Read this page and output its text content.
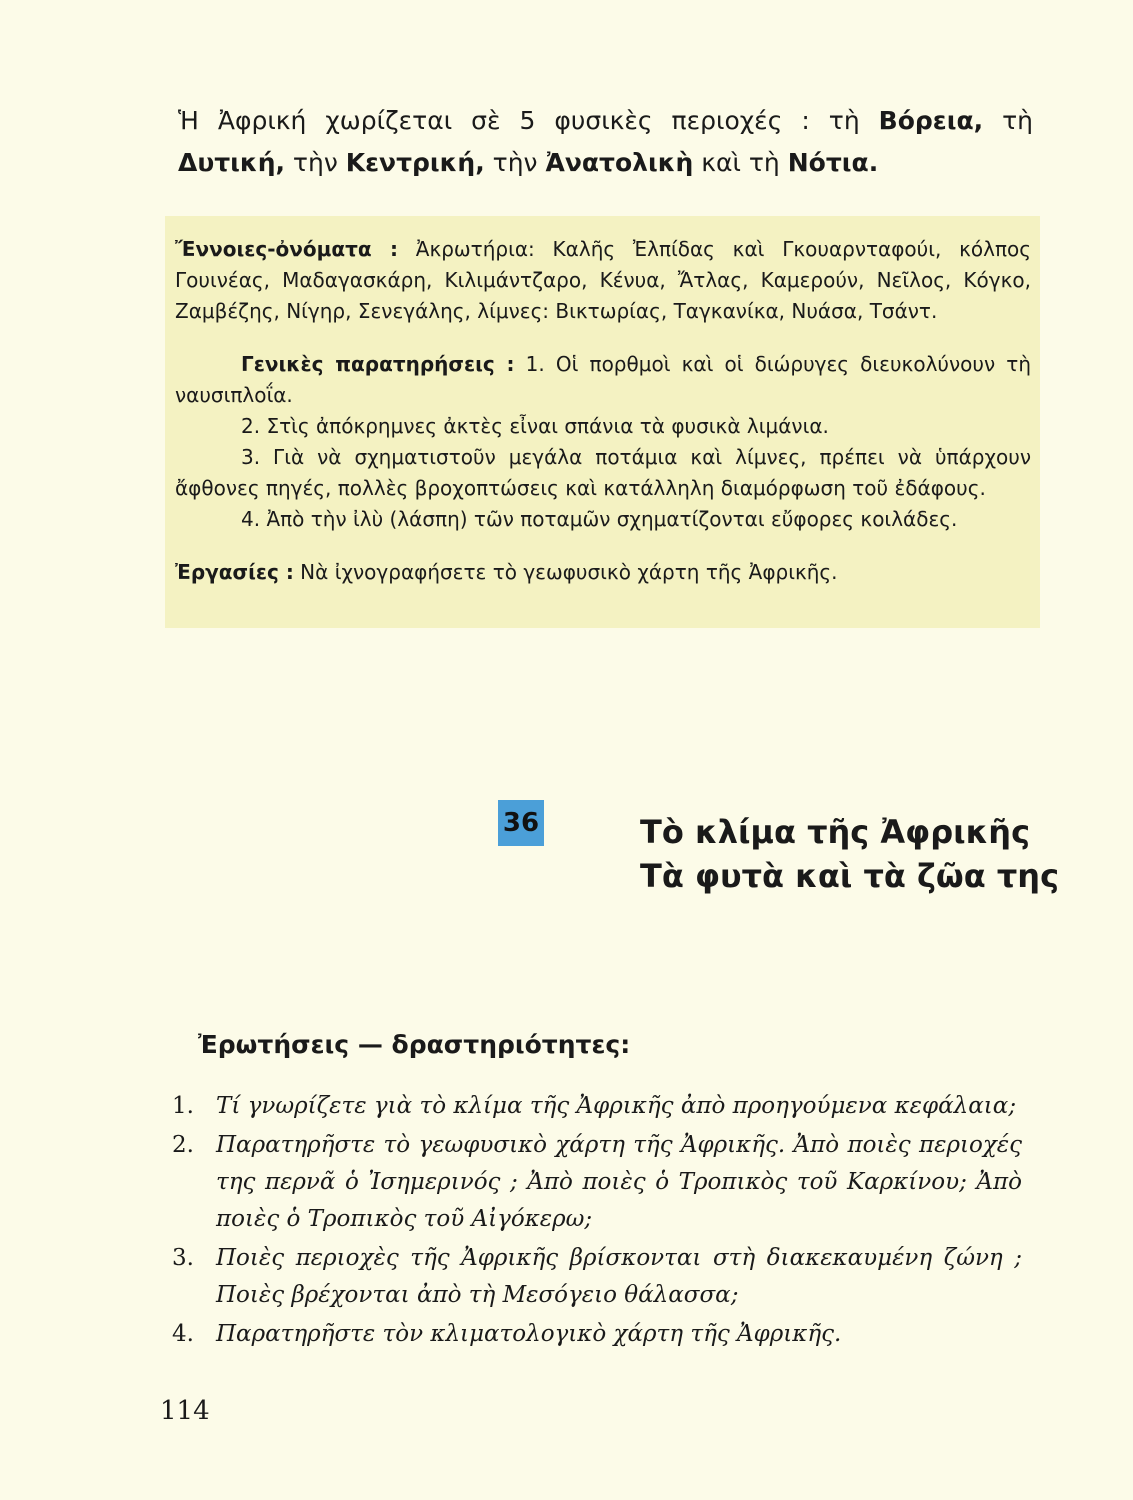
Ἡ Ἀφρική χωρίζεται σὲ 5 φυσικὲς περιοχές : τὴ Βόρεια, τὴ Δυτική, τὴν Κεντρική, τὴν Ἀνατολικὴ καὶ τὴ Νότια.

Ἔννοιες-ὀνόματα : Ἀκρωτήρια: Καλῆς Ἐλπίδας καὶ Γκουαρνταφούι, κόλπος Γουινέας, Μαδαγασκάρη, Κιλιμάντζαρο, Κένυα, Ἄτλας, Καμερούν, Νεῖλος, Κόγκο, Ζαμβέζης, Νίγηρ, Σενεγάλης, λίμνες: Βικτωρίας, Ταγκανίκα, Νυάσα, Τσάντ.

Γενικὲς παρατηρήσεις : 1. Οἱ πορθμοὶ καὶ οἱ διώρυγες διευκολύνουν τὴ ναυσιπλοΐα.

2. Στὶς ἀπόκρημνες ἀκτὲς εἶναι σπάνια τὰ φυσικὰ λιμάνια.

3. Γιὰ νὰ σχηματιστοῦν μεγάλα ποτάμια καὶ λίμνες, πρέπει νὰ ὑπάρχουν ἄφθονες πηγές, πολλὲς βροχοπτώσεις καὶ κατάλληλη διαμόρφωση τοῦ ἐδάφους.

4. Ἀπὸ τὴν ἰλὺ (λάσπη) τῶν ποταμῶν σχηματίζονται εὔφορες κοιλάδες.

Ἐργασίες : Νὰ ἰχνογραφήσετε τὸ γεωφυσικὸ χάρτη τῆς Ἀφρικῆς.

36	Τὸ κλίμα τῆς Ἀφρικῆς
Τὰ φυτὰ καὶ τὰ ζῶα της
Ἐρωτήσεις — δραστηριότητες:
1. Τί γνωρίζετε γιὰ τὸ κλίμα τῆς Ἀφρικῆς ἀπὸ προηγούμενα κεφάλαια;
2. Παρατηρῆστε τὸ γεωφυσικὸ χάρτη τῆς Ἀφρικῆς. Ἀπὸ ποιὲς περιοχές της περνᾶ ὁ Ἰσημερινός ; Ἀπὸ ποιὲς ὁ Τροπικὸς τοῦ Καρκίνου; Ἀπὸ ποιὲς ὁ Τροπικὸς τοῦ Αἰγόκερω;
3. Ποιὲς περιοχὲς τῆς Ἀφρικῆς βρίσκονται στὴ διακεκαυμένη ζώνη ; Ποιὲς βρέχονται ἀπὸ τὴ Μεσόγειο θάλασσα;
4. Παρατηρῆστε τὸν κλιματολογικὸ χάρτη τῆς Ἀφρικῆς.
114
